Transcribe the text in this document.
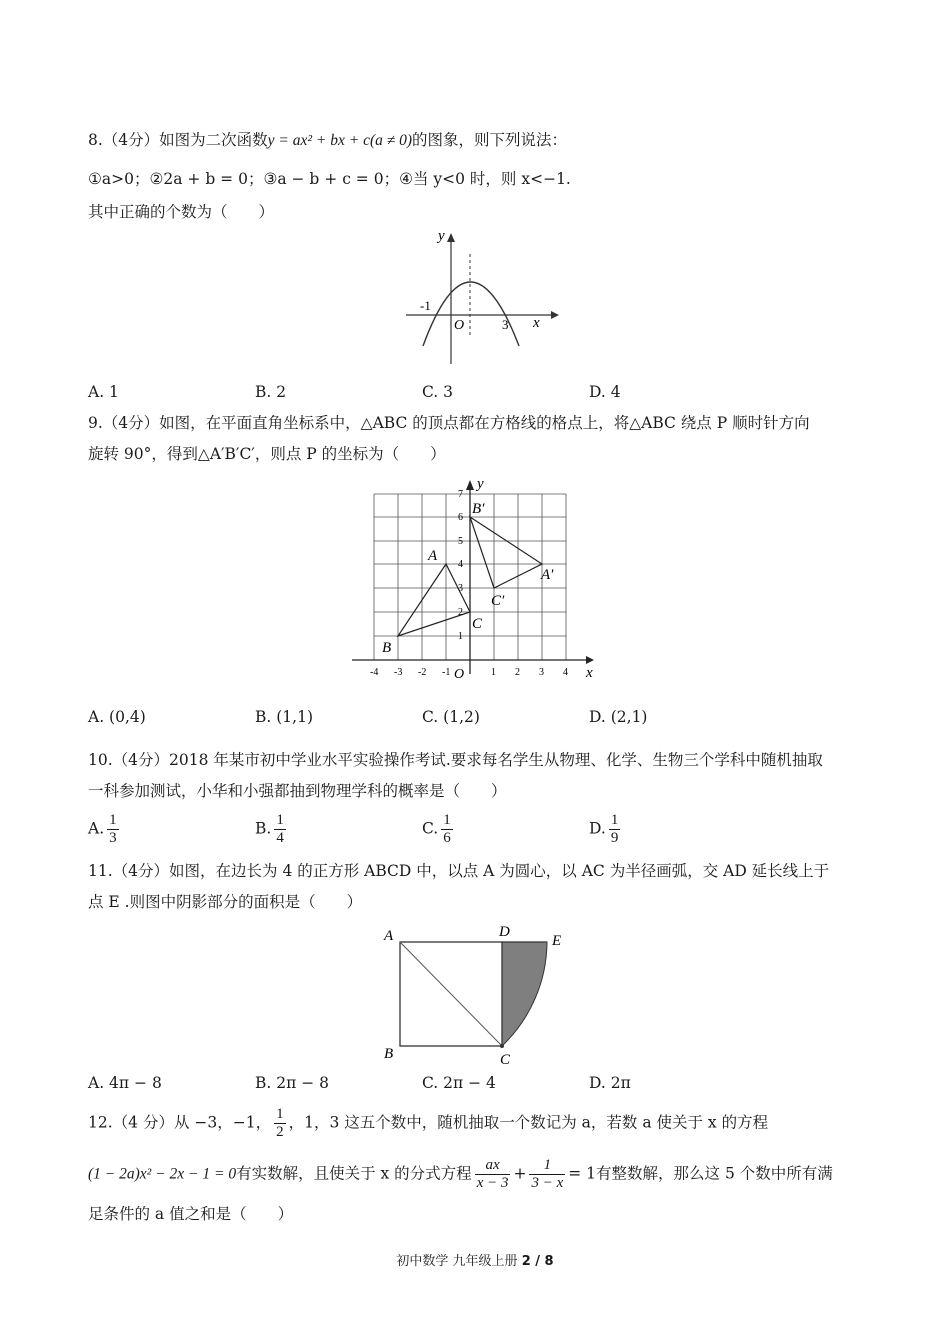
8.（4分）如图为二次函数y = ax² + bx + c(a ≠ 0)的图象，则下列说法：
①a>0；②2a + b = 0；③a − b + c = 0；④当 y<0 时，则 x<−1.
其中正确的个数为（　　）
y
x
O
-1
3
A. 1	B. 2	C. 3	D. 4
9.（4分）如图，在平面直角坐标系中，△ABC 的顶点都在方格线的格点上，将△ABC 绕点 P 顺时针方向
旋转 90°，得到△A′B′C′，则点 P 的坐标为（　　）
y
x
O
-4 -3 -2 -1	1 2 3 4
1
2
3
4
5
6
7
A
B
C
B′
A′
C′
A. (0,4)	B. (1,1)	C. (1,2)	D. (2,1)
10.（4分）2018 年某市初中学业水平实验操作考试.要求每名学生从物理、化学、生物三个学科中随机抽取
一科参加测试，小华和小强都抽到物理学科的概率是（　　）
A. $\frac{1}{3}$	B. $\frac{1}{4}$	C. $\frac{1}{6}$	D. $\frac{1}{9}$
11.（4分）如图，在边长为 4 的正方形 ABCD 中，以点 A 为圆心，以 AC 为半径画弧，交 AD 延长线上于
点 E .则图中阴影部分的面积是（　　）
A
B	C
D
E
A. 4π − 8	B. 2π − 8	C. 2π − 4	D. 2π
12.（4 分）从 −3，−1， $\frac{1}{2}$ ，1，3 这五个数中，随机抽取一个数记为 a，若数 a 使关于 x 的方程
(1 − 2a)x² − 2x − 1 = 0有实数解，且使关于 x 的分式方程 $\frac{ax}{x - 3} + \frac{1}{3 - x} = 1$有整数解，那么这 5 个数中所有满
足条件的 a 值之和是（　　）
初中数学 九年级上册 2 / 8
